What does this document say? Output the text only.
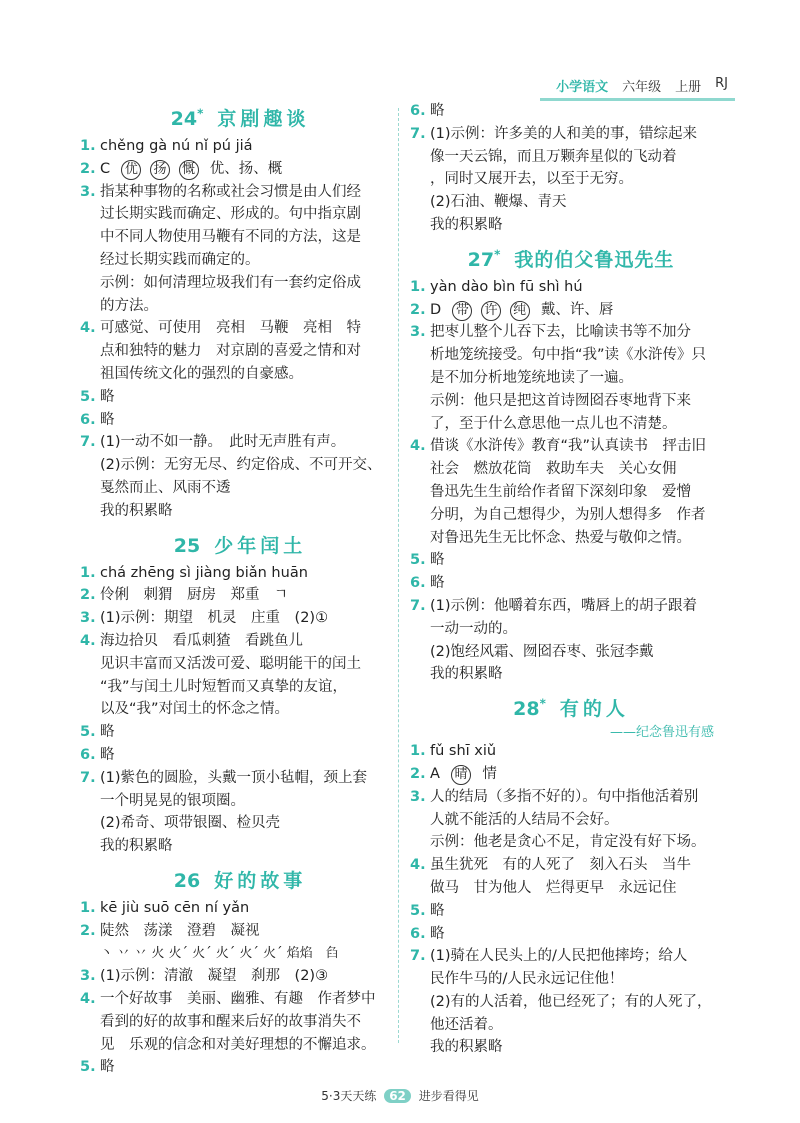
小学语文 六年级 上册 RJ
24* 京剧趣谈
1. chěng gà nú nǐ pú jiá
2. C 优 扬 慨 优、扬、概
3. 指某种事物的名称或社会习惯是由人们经
过长期实践而确定、形成的。句中指京剧
中不同人物使用马鞭有不同的方法，这是
经过长期实践而确定的。
示例：如何清理垃圾我们有一套约定俗成
的方法。
4. 可感觉、可使用　亮相　马鞭　亮相　特
点和独特的魅力　对京剧的喜爱之情和对
祖国传统文化的强烈的自豪感。
5. 略
6. 略
7. (1)一动不如一静。　此时无声胜有声。
(2)示例：无穷无尽、约定俗成、不可开交、
戛然而止、风雨不透
我的积累略
25 少年闰土
1. chá zhēng sì jiàng biǎn huān
2. 伶俐　刺猬　厨房　郑重　ㄱ
3. (1)示例：期望　机灵　庄重　(2)①
4. 海边拾贝　看瓜刺猹　看跳鱼儿
见识丰富而又活泼可爱、聪明能干的闰土
“我”与闰土儿时短暂而又真挚的友谊，
以及“我”对闰土的怀念之情。
5. 略
6. 略
7. (1)紫色的圆脸，头戴一顶小毡帽，颈上套
一个明晃晃的银项圈。
(2)希奇、项带银圈、检贝壳
我的积累略
26 好的故事
1. kē jiù suō cēn ní yǎn
2. 陡然　荡漾　澄碧　凝视
丶 丷 丷 火 火ˊ 火ˊ 火ˊ 火ˊ 火ˊ 焰焰　臽
3. (1)示例：清澈　凝望　刹那　(2)③
4. 一个好故事　美丽、幽雅、有趣　作者梦中
看到的好的故事和醒来后好的故事消失不
见　乐观的信念和对美好理想的不懈追求。
5. 略
6. 略
7. (1)示例：许多美的人和美的事，错综起来
像一天云锦，而且万颗奔星似的飞动着
，同时又展开去，以至于无穷。
(2)石油、鞭爆、青天
我的积累略
27* 我的伯父鲁迅先生
1. yàn dào bìn fū shì hú
2. D 带 许 纯 戴、许、唇
3. 把枣儿整个儿吞下去，比喻读书等不加分
析地笼统接受。句中指“我”读《水浒传》只
是不加分析地笼统地读了一遍。
示例：他只是把这首诗囫囵吞枣地背下来
了，至于什么意思他一点儿也不清楚。
4. 借谈《水浒传》教育“我”认真读书　抨击旧
社会　燃放花筒　救助车夫　关心女佣
鲁迅先生生前给作者留下深刻印象　爱憎
分明，为自己想得少，为别人想得多　作者
对鲁迅先生无比怀念、热爱与敬仰之情。
5. 略
6. 略
7. (1)示例：他嚼着东西，嘴唇上的胡子跟着
一动一动的。
(2)饱经风霜、囫囵吞枣、张冠李戴
我的积累略
28* 有的人
——纪念鲁迅有感
1. fǔ shī xiǔ
2. A 晴 情
3. 人的结局（多指不好的）。句中指他活着别
人就不能活的人结局不会好。
示例：他老是贪心不足，肯定没有好下场。
4. 虽生犹死　有的人死了　刻入石头　当牛
做马　甘为他人　烂得更早　永远记住
5. 略
6. 略
7. (1)骑在人民头上的/人民把他摔垮；给人
民作牛马的/人民永远记住他！
(2)有的人活着，他已经死了；有的人死了，
他还活着。
我的积累略
5·3天天练 62 进步看得见
